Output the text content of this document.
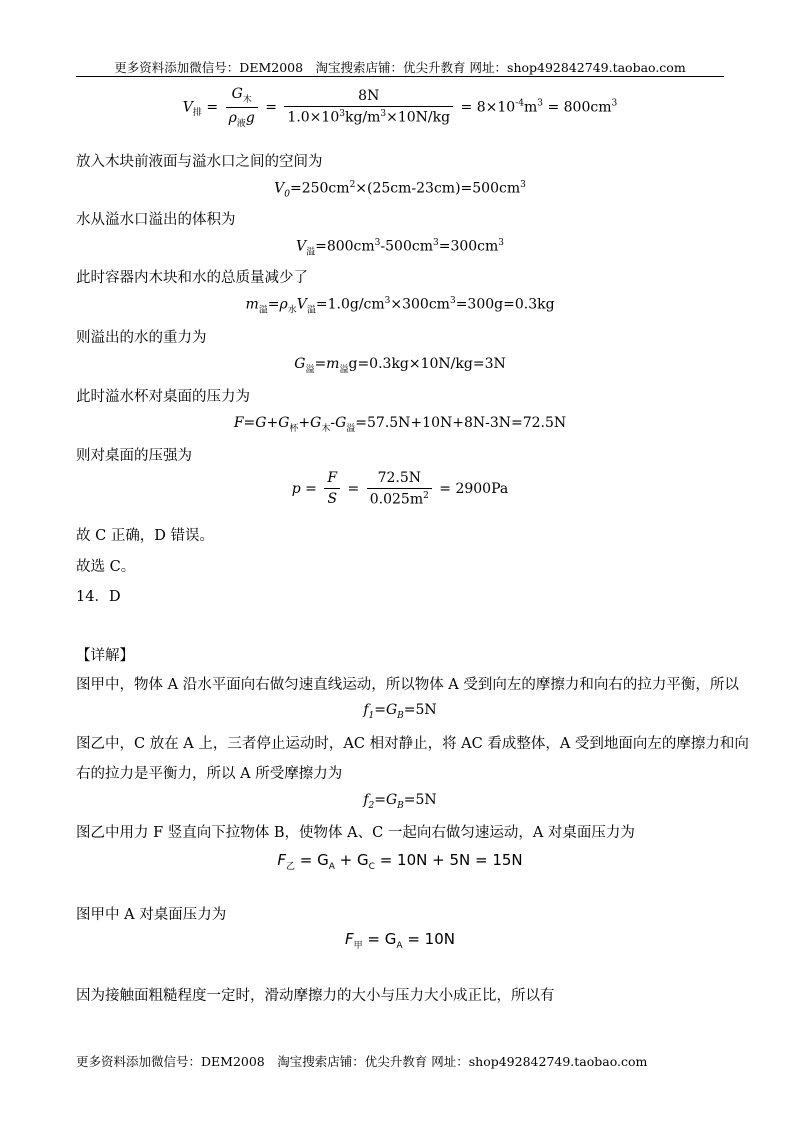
更多资料添加微信号：DEM2008　淘宝搜索店铺：优尖升教育 网址：shop492842749.taobao.com
$V_排 = \frac{G_木}{\rho_液g} = \frac{8N}{1.0\times 10^3kg/m^3\times 10N/kg} = 8\times 10^{-4}m^3 = 800cm^3$
放入木块前液面与溢水口之间的空间为
$V_0=250cm^2\times(25cm-23cm)=500cm^3$
水从溢水口溢出的体积为
$V_溢=800cm^3-500cm^3=300cm^3$
此时容器内木块和水的总质量减少了
$m_溢=\rho_水V_溢=1.0g/cm^3\times 300cm^3=300g=0.3kg$
则溢出的水的重力为
$G_溢=m_溢g=0.3kg\times 10N/kg=3N$
此时溢水杯对桌面的压力为
$F=G+G_杯+G_木-G_溢=57.5N+10N+8N-3N=72.5N$
则对桌面的压强为
$p = \frac{F}{S} = \frac{72.5N}{0.025m^2} = 2900Pa$
故 C 正确，D 错误。
故选 C。
14．D
【详解】
图甲中，物体 A 沿水平面向右做匀速直线运动，所以物体 A 受到向左的摩擦力和向右的拉力平衡，所以
$f_1=G_B=5N$
图乙中，C 放在 A 上，三者停止运动时，AC 相对静止，将 AC 看成整体，A 受到地面向左的摩擦力和向
右的拉力是平衡力，所以 A 所受摩擦力为
$f_2=G_B=5N$
图乙中用力 F 竖直向下拉物体 B，使物体 A、C 一起向右做匀速运动，A 对桌面压力为
$F_乙 = G_A + G_C = 10N + 5N = 15N$
图甲中 A 对桌面压力为
$F_甲 = G_A = 10N$
因为接触面粗糙程度一定时，滑动摩擦力的大小与压力大小成正比，所以有
更多资料添加微信号：DEM2008　淘宝搜索店铺：优尖升教育 网址：shop492842749.taobao.com
